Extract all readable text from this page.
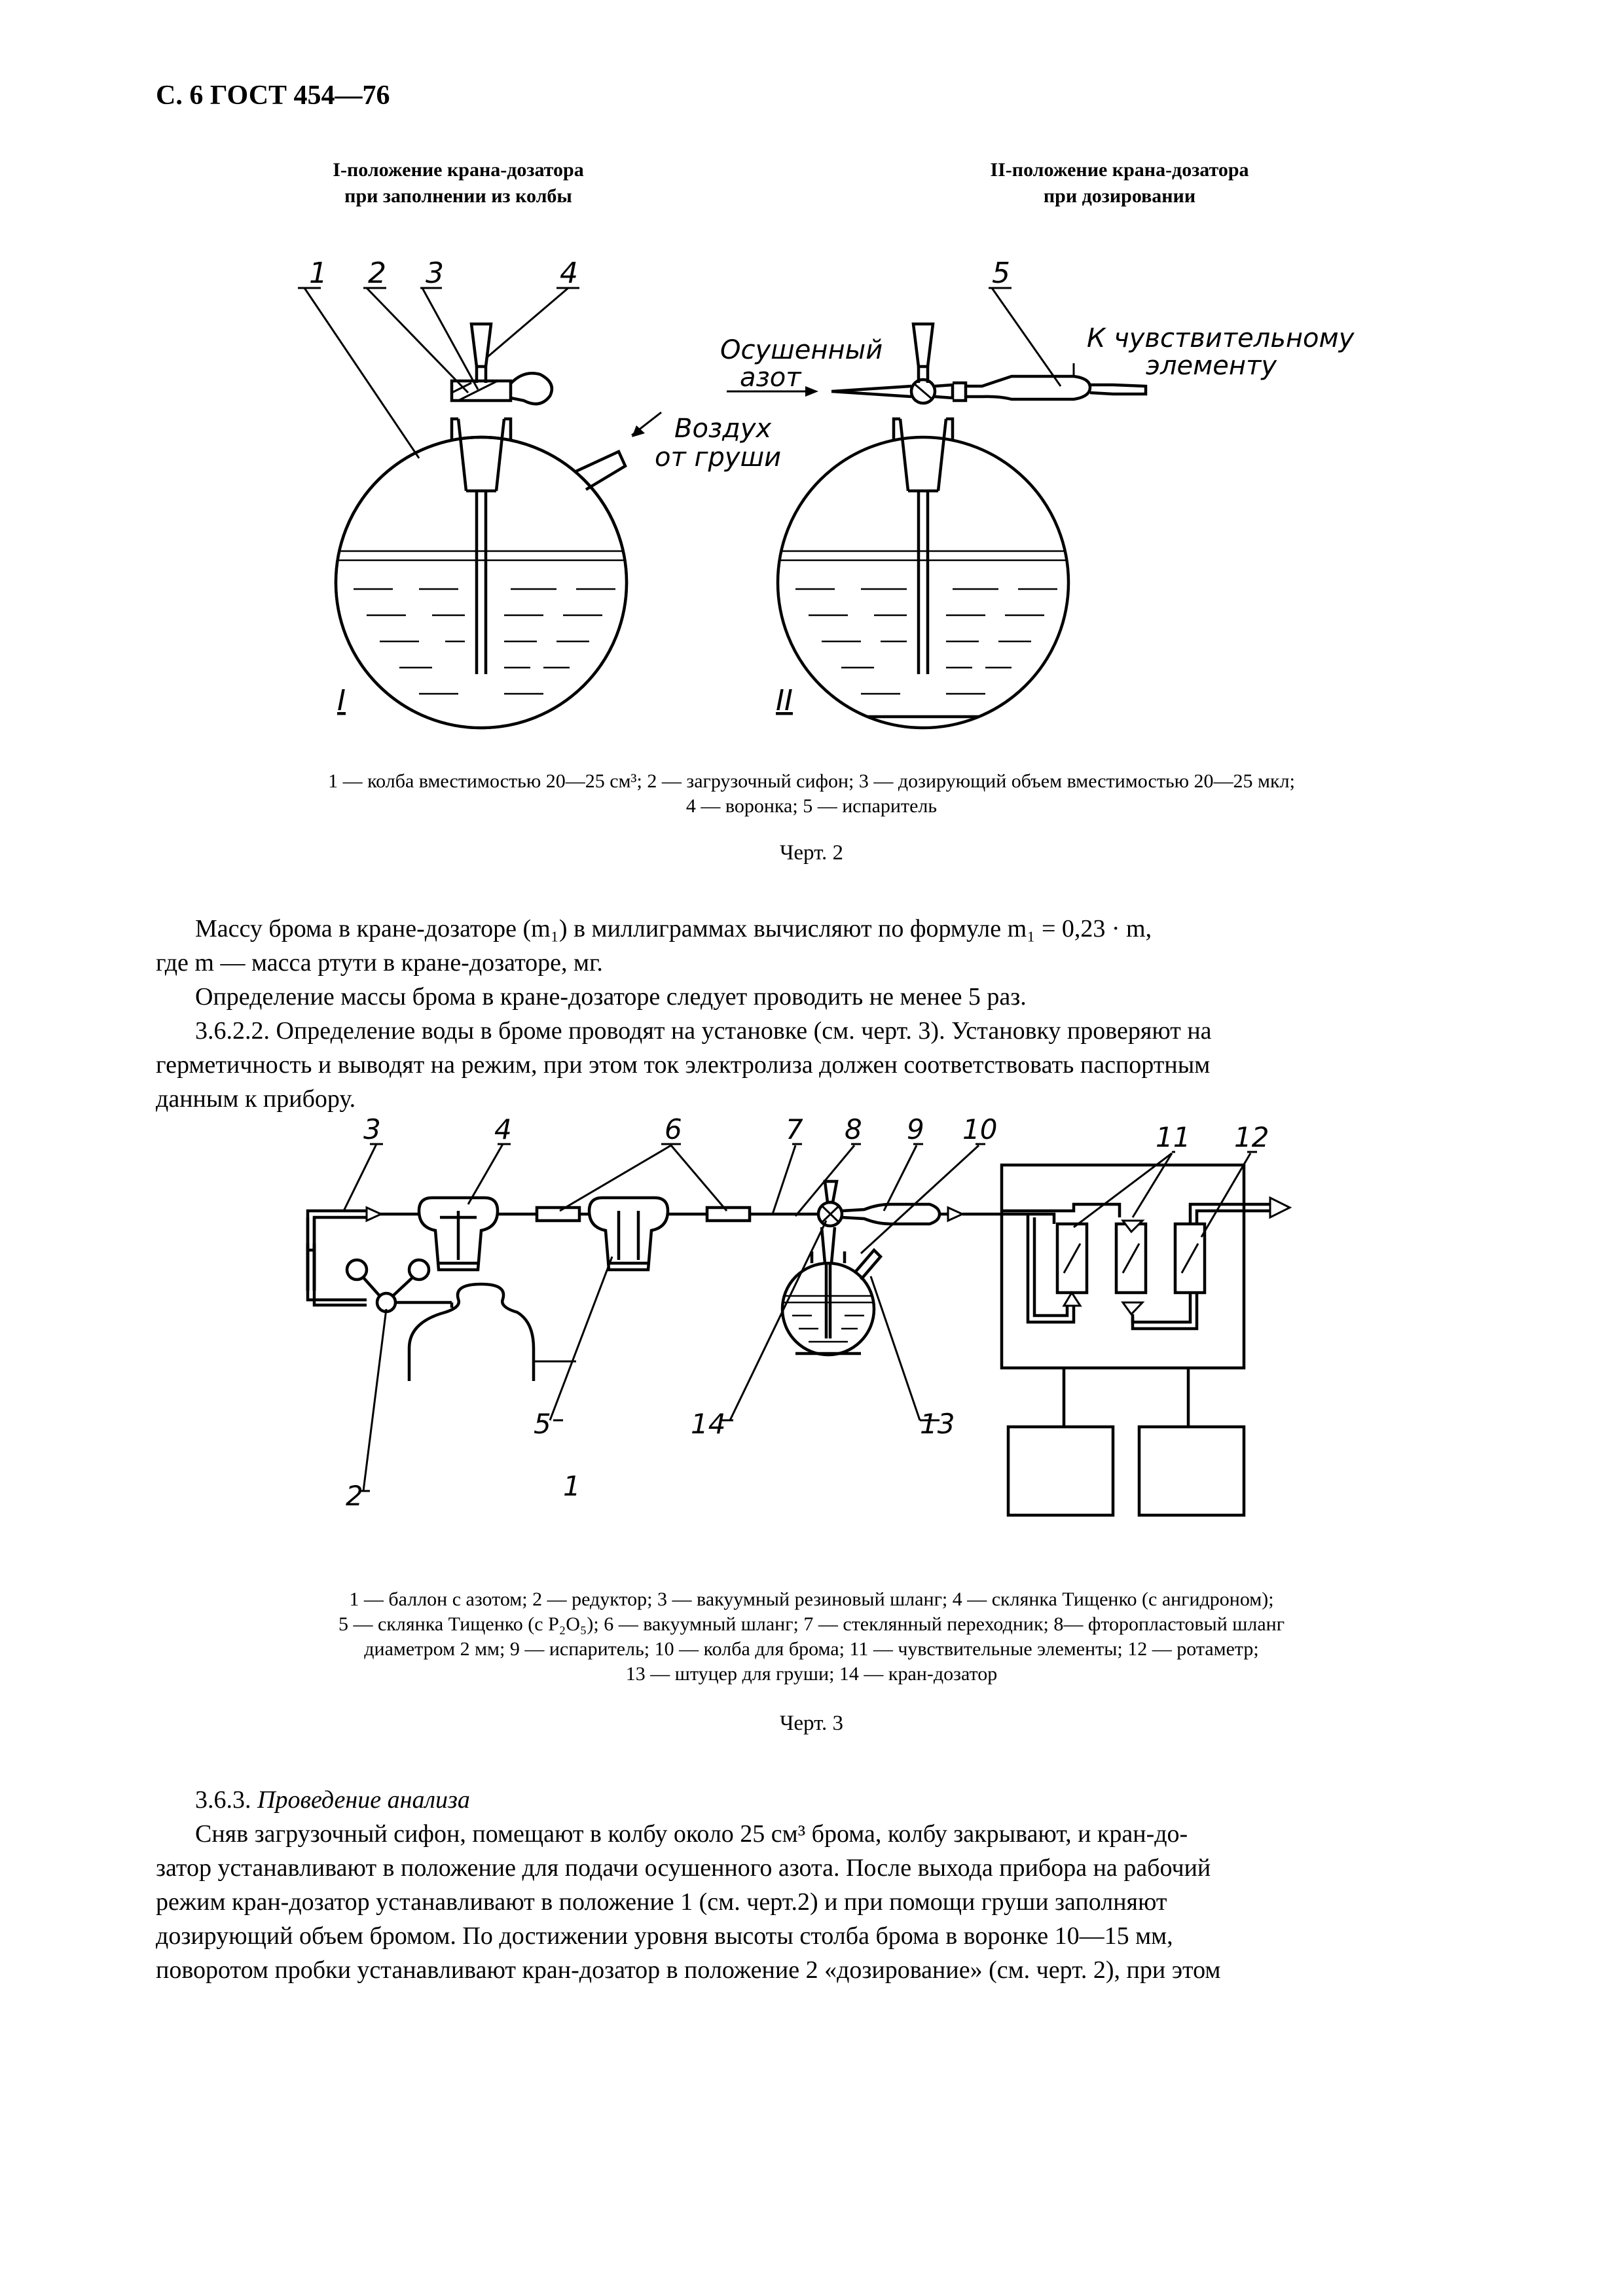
С. 6 ГОСТ 454—76
I-положение крана-дозатора
при заполнении из колбы
II-положение крана-дозатора
при дозировании
1 2 3	4	5
Воздух
от груши
Осушенный
азот
К чувствительному
элементу
I	II
1 — колба вместимостью 20—25 см³; 2 — загрузочный сифон; 3 — дозирующий объем вместимостью 20—25 мкл;
4 — воронка; 5 — испаритель
Черт. 2
Массу брома в кране-дозаторе (m₁) в миллиграммах вычисляют по формуле m₁ = 0,23 · m,
где m — масса ртути в кране-дозаторе, мг.
Определение массы брома в кране-дозаторе следует проводить не менее 5 раз.
3.6.2.2. Определение воды в броме проводят на установке (см. черт. 3). Установку проверяют на
герметичность и выводят на режим, при этом ток электролиза должен соответствовать паспортным
данным к прибору.
3	4	6	7 8 9 10	11 12
5	14	13
2	1
1 — баллон с азотом; 2 — редуктор; 3 — вакуумный резиновый шланг; 4 — склянка Тищенко (с ангидроном);
5 — склянка Тищенко (с P₂O₅); 6 — вакуумный шланг; 7 — стеклянный переходник; 8— фторопластовый шланг
диаметром 2 мм; 9 — испаритель; 10 — колба для брома; 11 — чувствительные элементы; 12 — ротаметр;
13 — штуцер для груши; 14 — кран-дозатор
Черт. 3
3.6.3. Проведение анализа
Сняв загрузочный сифон, помещают в колбу около 25 см³ брома, колбу закрывают, и кран-до-
затор устанавливают в положение для подачи осушенного азота. После выхода прибора на рабочий
режим кран-дозатор устанавливают в положение 1 (см. черт.2) и при помощи груши заполняют
дозирующий объем бромом. По достижении уровня высоты столба брома в воронке 10—15 мм,
поворотом пробки устанавливают кран-дозатор в положение 2 «дозирование» (см. черт. 2), при этом
